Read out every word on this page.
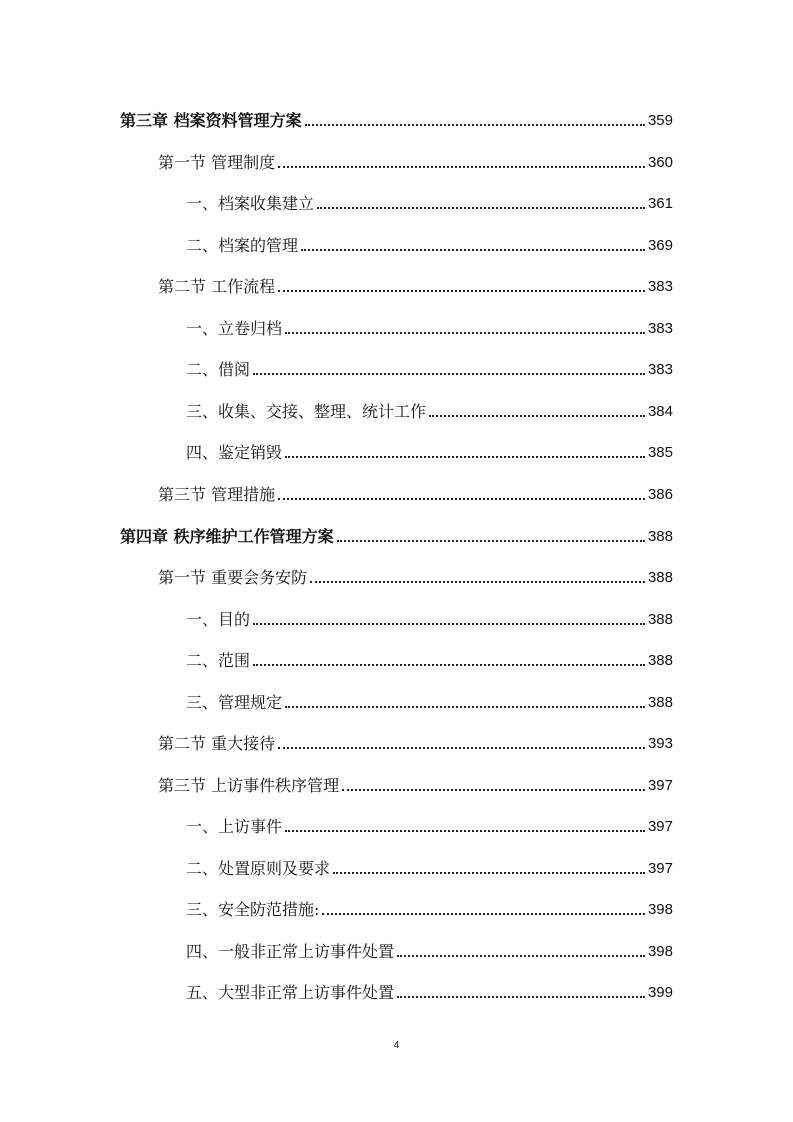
第三章 档案资料管理方案	359
第一节 管理制度	360
一、档案收集建立	361
二、档案的管理	369
第二节 工作流程	383
一、立卷归档	383
二、借阅	383
三、收集、交接、整理、统计工作	384
四、鉴定销毁	385
第三节 管理措施	386
第四章 秩序维护工作管理方案	388
第一节 重要会务安防	388
一、目的	388
二、范围	388
三、管理规定	388
第二节 重大接待	393
第三节 上访事件秩序管理	397
一、上访事件	397
二、处置原则及要求	397
三、安全防范措施:	398
四、一般非正常上访事件处置	398
五、大型非正常上访事件处置	399
4
